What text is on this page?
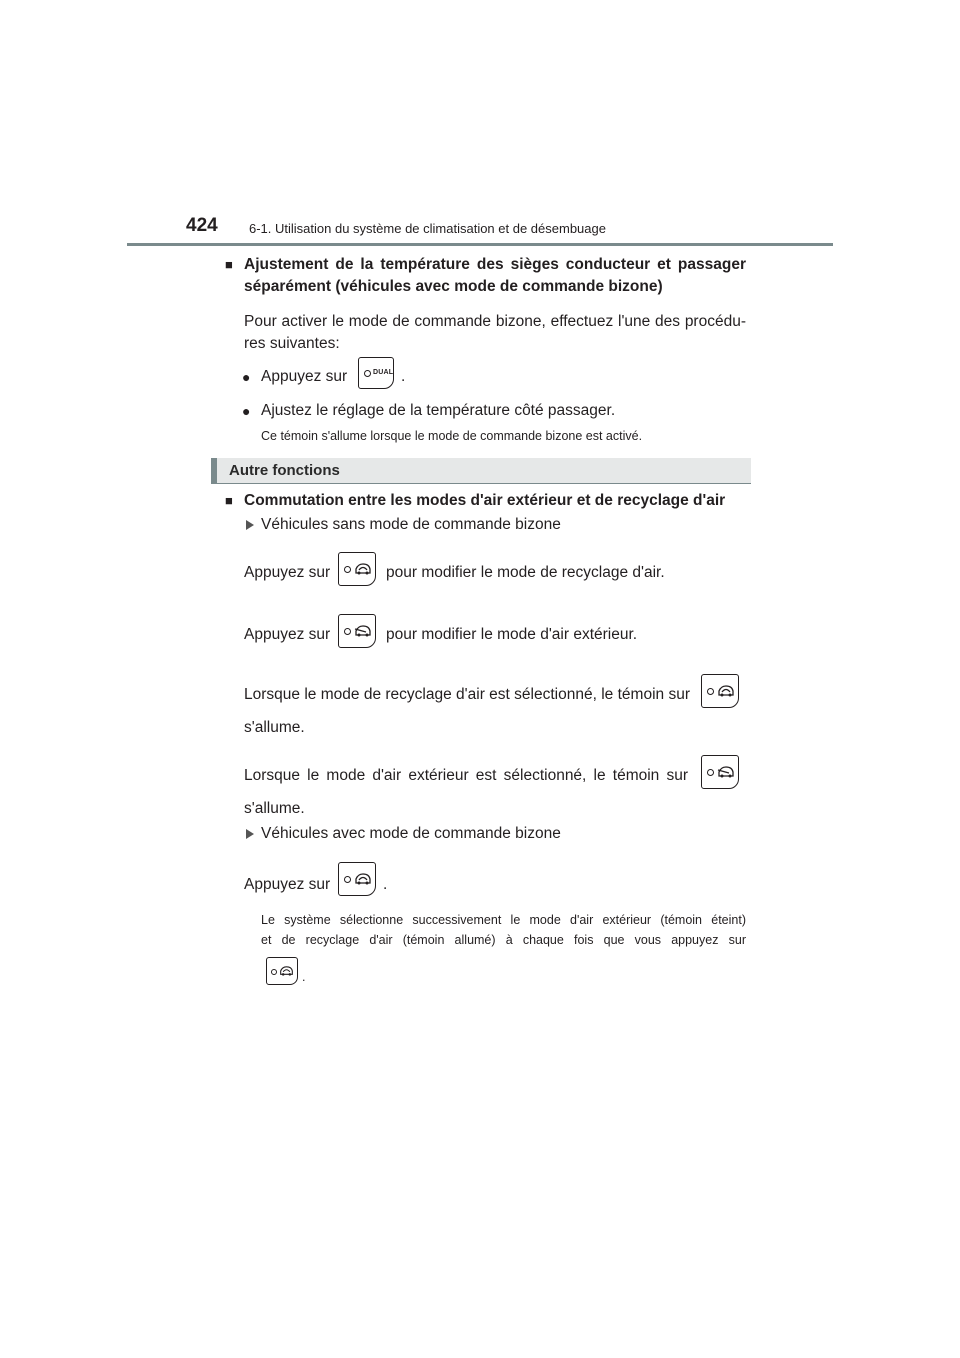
424 6-1. Utilisation du système de climatisation et de désembuage
■ Ajustement de la température des sièges conducteur et passager
séparément (véhicules avec mode de commande bizone)
Pour activer le mode de commande bizone, effectuez l'une des procédu-
res suivantes:
● Appuyez sur	DUAL .
● Ajustez le réglage de la température côté passager.
Ce témoin s'allume lorsque le mode de commande bizone est activé.
Autre fonctions
■ Commutation entre les modes d'air extérieur et de recyclage d'air
Véhicules sans mode de commande bizone
Appuyez sur	pour modifier le mode de recyclage d'air.
Appuyez sur	pour modifier le mode d'air extérieur.
Lorsque le mode de recyclage d'air est sélectionné, le témoin sur
s'allume.
Lorsque le mode d'air extérieur est sélectionné, le témoin sur
s'allume.
Véhicules avec mode de commande bizone
Appuyez sur	.
Le système sélectionne successivement le mode d'air extérieur (témoin éteint)
et de recyclage d'air (témoin allumé) à chaque fois que vous appuyez sur
.
